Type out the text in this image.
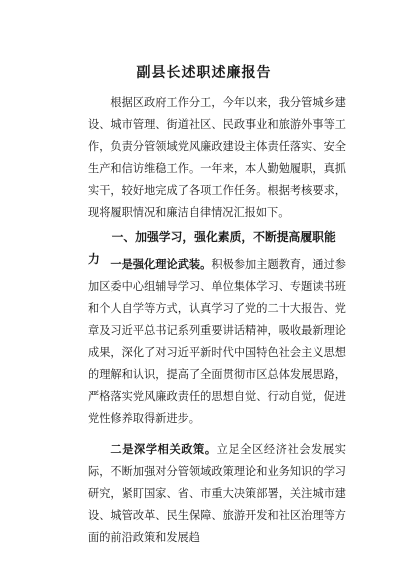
副县长述职述廉报告

根据区政府工作分工，今年以来，我分管城乡建设、城市管理、街道社区、民政事业和旅游外事等工作，负责分管领域党风廉政建设主体责任落实、安全生产和信访维稳工作。一年来，本人勤勉履职，真抓实干，较好地完成了各项工作任务。根据考核要求，现将履职情况和廉洁自律情况汇报如下。

一、加强学习，强化素质，不断提高履职能力 一是强化理论武装。积极参加主题教育，通过参加区委中心组辅导学习、单位集体学习、专题读书班和个人自学等方式，认真学习了党的二十大报告、党章及习近平总书记系列重要讲话精神，吸收最新理论成果，深化了对习近平新时代中国特色社会主义思想的理解和认识，提高了全面贯彻市区总体发展思路，严格落实党风廉政责任的思想自觉、行动自觉，促进党性修养取得新进步。

二是深学相关政策。立足全区经济社会发展实际，不断加强对分管领域政策理论和业务知识的学习研究，紧盯国家、省、市重大决策部署，关注城市建设、城管改革、民生保障、旅游开发和社区治理等方面的前沿政策和发展趋
